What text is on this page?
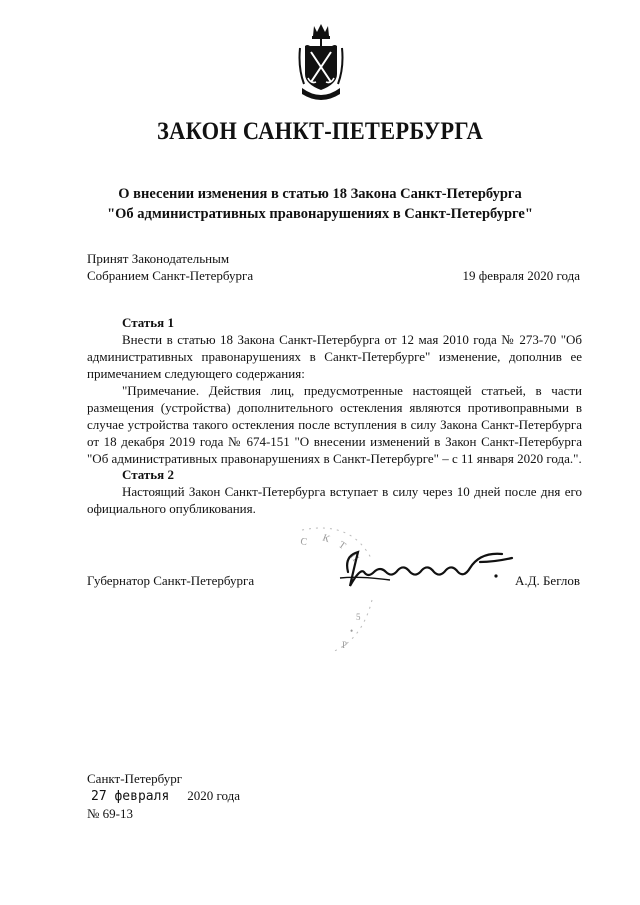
ЗАКОН САНКТ-ПЕТЕРБУРГА
О внесении изменения в статью 18 Закона Санкт-Петербурга
"Об административных правонарушениях в Санкт-Петербурге"
Принят Законодательным
Собранием Санкт-Петербурга	19 февраля 2020 года
Статья 1

Внести в статью 18 Закона Санкт-Петербурга от 12 мая 2010 года № 273-70 "Об административных правонарушениях в Санкт-Петербурге" изменение, дополнив ее примечанием следующего содержания:

"Примечание. Действия лиц, предусмотренные настоящей статьей, в части размещения (устройства) дополнительного остекления являются противоправными в случае устройства такого остекления после вступления в силу Закона Санкт-Петербурга от 18 декабря 2019 года № 674-151 "О внесении изменений в Закон Санкт-Петербурга "Об административных правонарушениях в Санкт-Петербурге" – с 11 января 2020 года.".

Статья 2

Настоящий Закон Санкт-Петербурга вступает в силу через 10 дней после дня его официального опубликования.

С К
Т
П
5
•
Р
Губернатор Санкт-Петербурга	А.Д. Беглов
Санкт-Петербург
27 февраля 2020 года
№ 69-13
